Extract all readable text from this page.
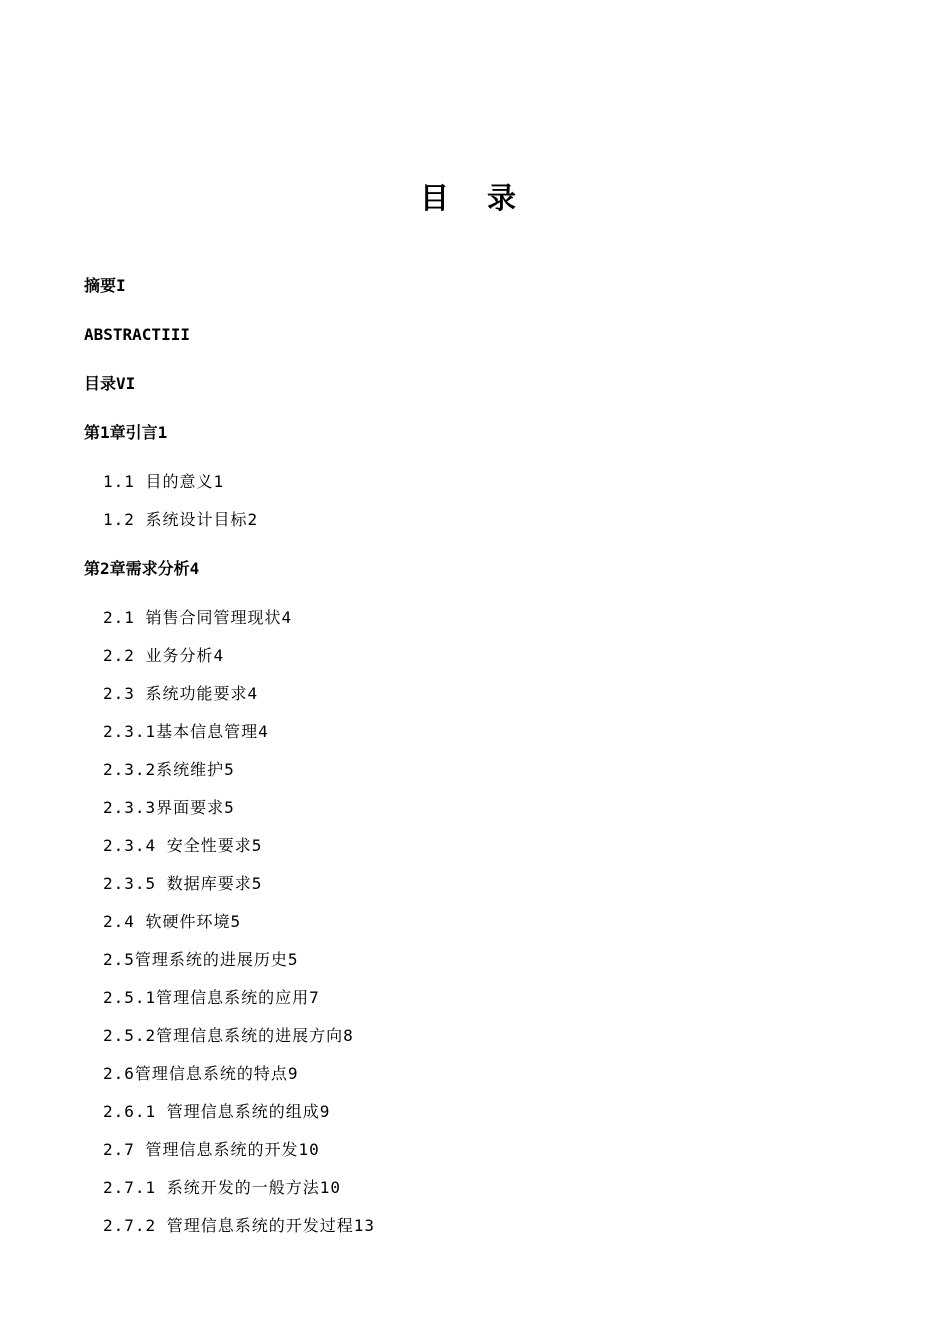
目 录
摘要I
ABSTRACTIII
目录VI
第1章引言1
1.1 目的意义1
1.2 系统设计目标2
第2章需求分析4
2.1 销售合同管理现状4
2.2 业务分析4
2.3 系统功能要求4
2.3.1基本信息管理4
2.3.2系统维护5
2.3.3界面要求5
2.3.4 安全性要求5
2.3.5 数据库要求5
2.4 软硬件环境5
2.5管理系统的进展历史5
2.5.1管理信息系统的应用7
2.5.2管理信息系统的进展方向8
2.6管理信息系统的特点9
2.6.1 管理信息系统的组成9
2.7 管理信息系统的开发10
2.7.1 系统开发的一般方法10
2.7.2 管理信息系统的开发过程13
